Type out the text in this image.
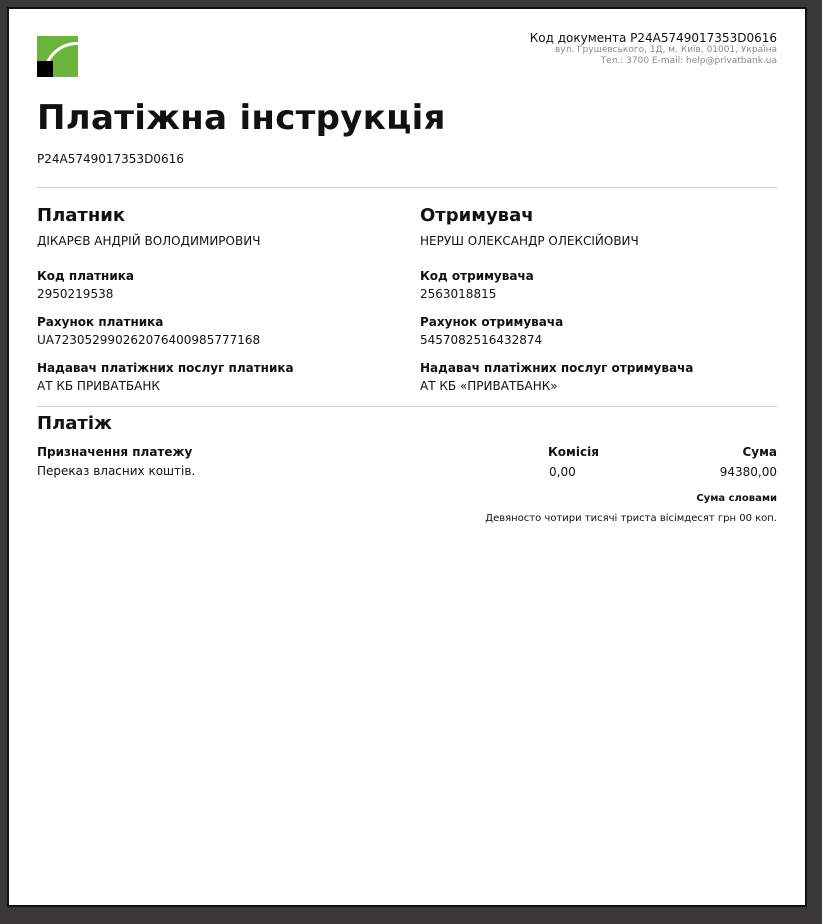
Код документа P24A5749017353D0616
вул. Грушевського, 1Д, м. Київ, 01001, Україна
Тел.: 3700 E-mail: help@privatbank.ua
Платіжна інструкція
P24A5749017353D0616
Платник
ДІКАРЄВ АНДРІЙ ВОЛОДИМИРОВИЧ
Код платника
2950219538
Рахунок платника
UA723052990262076400985777168
Надавач платіжних послуг платника
АТ КБ ПРИВАТБАНК
Отримувач
НЕРУШ ОЛЕКСАНДР ОЛЕКСІЙОВИЧ
Код отримувача
2563018815
Рахунок отримувача
5457082516432874
Надавач платіжних послуг отримувача
АТ КБ «ПРИВАТБАНК»
Платіж
Призначення платежу
Переказ власних коштів.
Комісія
0,00
Сума
94380,00
Сума словами
Девяносто чотири тисячі триста вісімдесят грн 00 коп.
